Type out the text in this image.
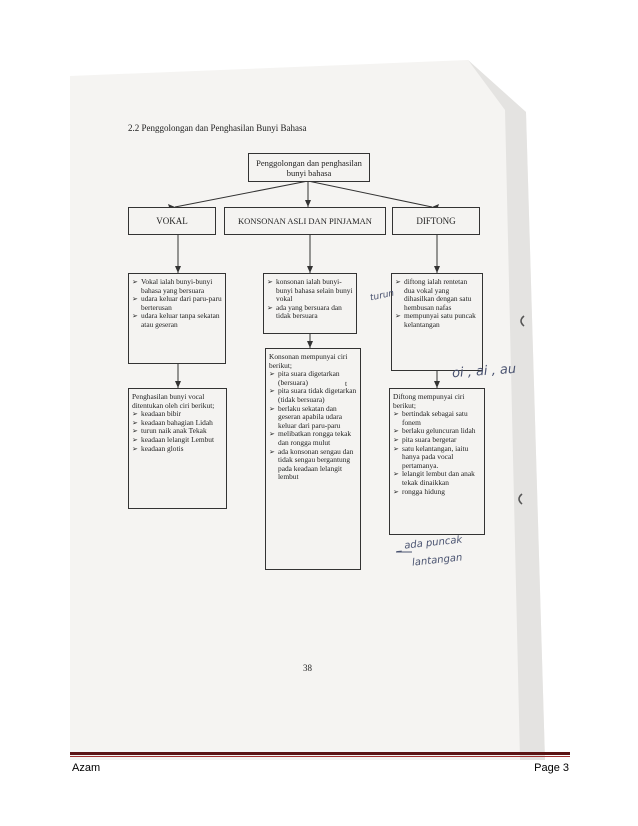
2.2 Penggolongan dan Penghasilan Bunyi Bahasa
Penggolongan dan penghasilan bunyi bahasa
VOKAL	KONSONAN ASLI DAN PINJAMAN	DIFTONG
➢ Vokal ialah bunyi-bunyi bahasa yang bersuara
➢ udara keluar dari paru-paru berterusan
➢ udara keluar tanpa sekatan atau geseran
➢ konsonan ialah bunyi-bunyi bahasa selain bunyi vokal
➢ ada yang bersuara dan tidak bersuara
➢ diftong ialah rentetan dua vokal yang dihasilkan dengan satu hembusan nafas
➢ mempunyai satu puncak kelantangan
Penghasilan bunyi vocal ditentukan oleh ciri berikut;
➢ keadaan bibir
➢ keadaan bahagian Lidah
➢ turun naik anak Tekak
➢ keadaan lelangit Lembut
➢ keadaan glotis
Konsonan mempunyai ciri berikut;
➢ pita suara digetarkan (bersuara)
➢ pita suara tidak digetarkan (tidak bersuara)
➢ berlaku sekatan dan geseran apabila udara keluar dari paru-paru
➢ melibatkan rongga tekak dan rongga mulut
➢ ada konsonan sengau dan tidak sengau bergantung pada keadaan lelangit lembut
Diftong mempunyai ciri berikut;
➢ bertindak sebagai satu fonem
➢ berlaku geluncuran lidah
➢ pita suara bergetar
➢ satu kelantangan, iaitu hanya pada vocal pertamanya.
➢ lelangit lembut dan anak tekak dinaikkan
➢ rongga hidung
t
turun
oi , ai , au
_ ada puncak
lantangan
38
Azam	Page 3
